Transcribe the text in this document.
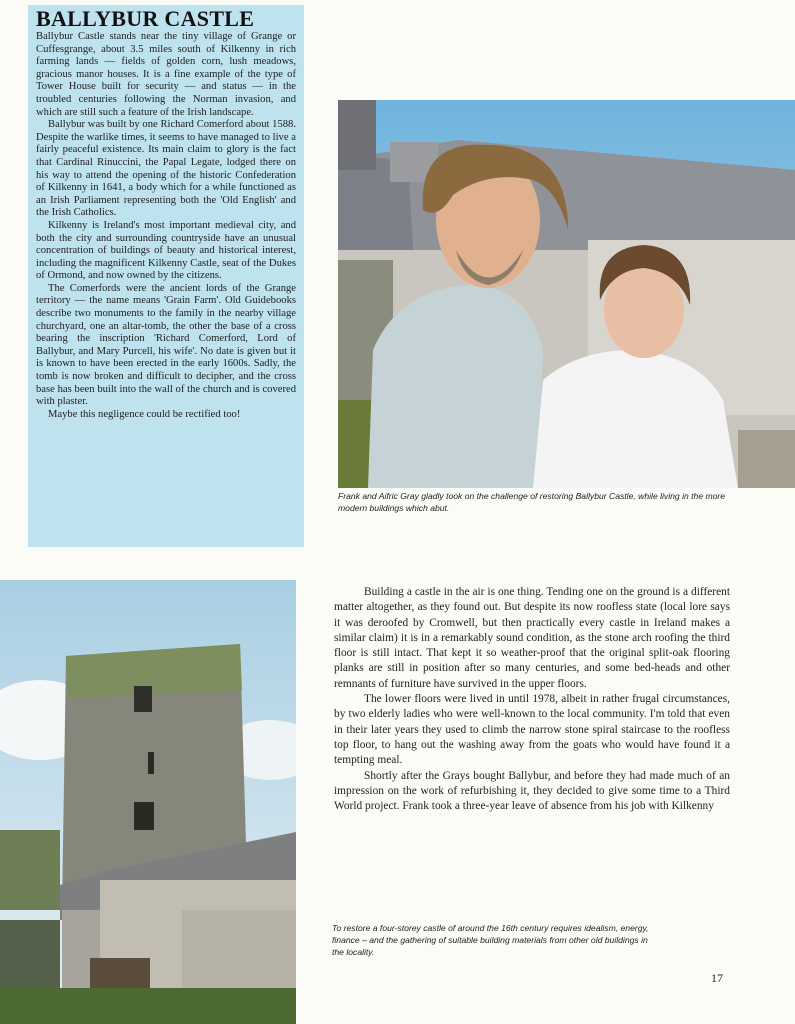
BALLYBUR CASTLE

Ballybur Castle stands near the tiny village of Grange or Cuffesgrange, about 3.5 miles south of Kilkenny in rich farming lands — fields of golden corn, lush meadows, gracious manor houses. It is a fine example of the type of Tower House built for security — and status — in the troubled centuries following the Norman invasion, and which are still such a feature of the Irish landscape.

Ballybur was built by one Richard Comerford about 1588. Despite the warlike times, it seems to have managed to live a fairly peaceful existence. Its main claim to glory is the fact that Cardinal Rinuccini, the Papal Legate, lodged there on his way to attend the opening of the historic Confederation of Kilkenny in 1641, a body which for a while functioned as an Irish Parliament representing both the 'Old English' and the Irish Catholics.

Kilkenny is Ireland's most important medieval city, and both the city and surrounding countryside have an unusual concentration of buildings of beauty and historical interest, including the magnificent Kilkenny Castle, seat of the Dukes of Ormond, and now owned by the citizens.

The Comerfords were the ancient lords of the Grange territory — the name means 'Grain Farm'. Old Guidebooks describe two monuments to the family in the nearby village churchyard, one an altar-tomb, the other the base of a cross bearing the inscription 'Richard Comerford, Lord of Ballybur, and Mary Purcell, his wife'. No date is given but it is known to have been erected in the early 1600s. Sadly, the tomb is now broken and difficult to decipher, and the cross base has been built into the wall of the church and is covered with plaster.

Maybe this negligence could be rectified too!

Frank and Aifric Gray gladly took on the challenge of restoring Ballybur Castle, while living in the more modern buildings which abut.

Building a castle in the air is one thing. Tending one on the ground is a different matter altogether, as they found out. But despite its now roofless state (local lore says it was deroofed by Cromwell, but then practically every castle in Ireland makes a similar claim) it is in a remarkably sound condition, as the stone arch roofing the third floor is still intact. That kept it so weather-proof that the original split-oak flooring planks are still in position after so many centuries, and some bed-heads and other remnants of furniture have survived in the upper floors.

The lower floors were lived in until 1978, albeit in rather frugal circumstances, by two elderly ladies who were well-known to the local community. I'm told that even in their later years they used to climb the narrow stone spiral staircase to the roofless top floor, to hang out the washing away from the goats who would have found it a tempting meal.

Shortly after the Grays bought Ballybur, and before they had made much of an impression on the work of refurbishing it, they decided to give some time to a Third World project. Frank took a three-year leave of absence from his job with Kilkenny

To restore a four-storey castle of around the 16th century requires idealism, energy, finance – and the gathering of suitable building materials from other old buildings in the locality.
17
